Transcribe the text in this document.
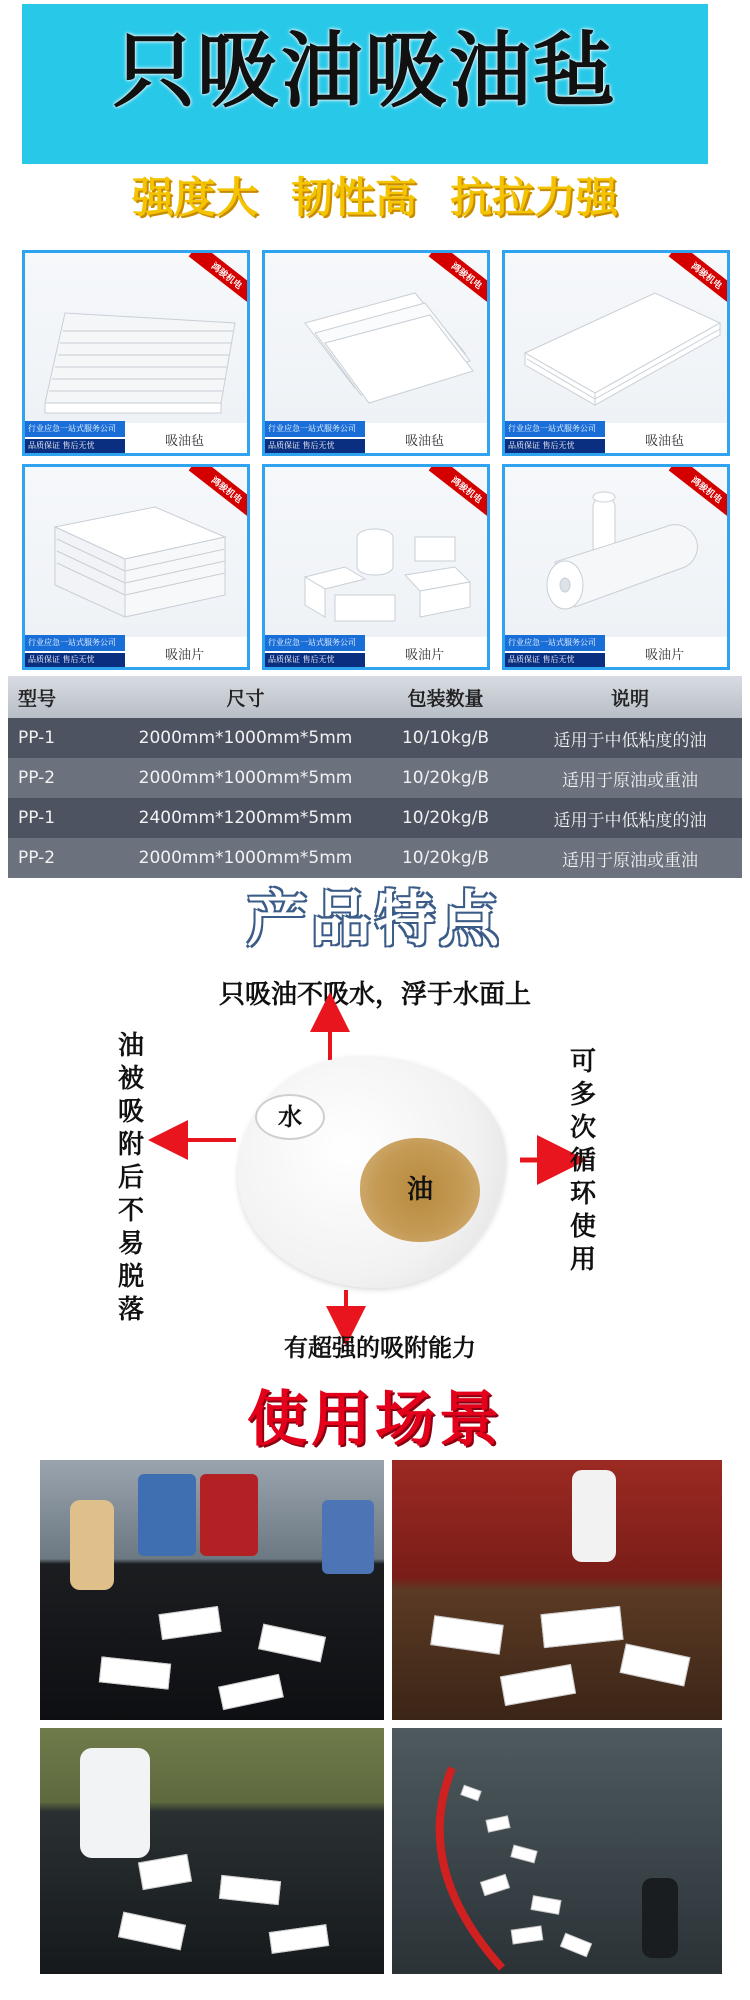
只吸油吸油毡
强度大 韧性高 抗拉力强
鸿骏机电
行业应急一站式服务公司
品质保证 售后无忧	吸油毡
鸿骏机电
行业应急一站式服务公司
品质保证 售后无忧	吸油毡
鸿骏机电
行业应急一站式服务公司
品质保证 售后无忧	吸油毡
鸿骏机电
行业应急一站式服务公司
品质保证 售后无忧	吸油片
鸿骏机电
行业应急一站式服务公司
品质保证 售后无忧	吸油片
鸿骏机电
行业应急一站式服务公司
品质保证 售后无忧	吸油片
型号	尺寸	包装数量	说明
PP-1	2000mm*1000mm*5mm	10/10kg/B	适用于中低粘度的油
PP-2	2000mm*1000mm*5mm	10/20kg/B	适用于原油或重油
PP-1	2400mm*1200mm*5mm	10/20kg/B	适用于中低粘度的油
PP-2	2000mm*1000mm*5mm	10/20kg/B	适用于原油或重油
产品特点
只吸油不吸水，浮于水面上
油被吸附后不易脱落
可多次循环使用
水
油
有超强的吸附能力
使用场景
